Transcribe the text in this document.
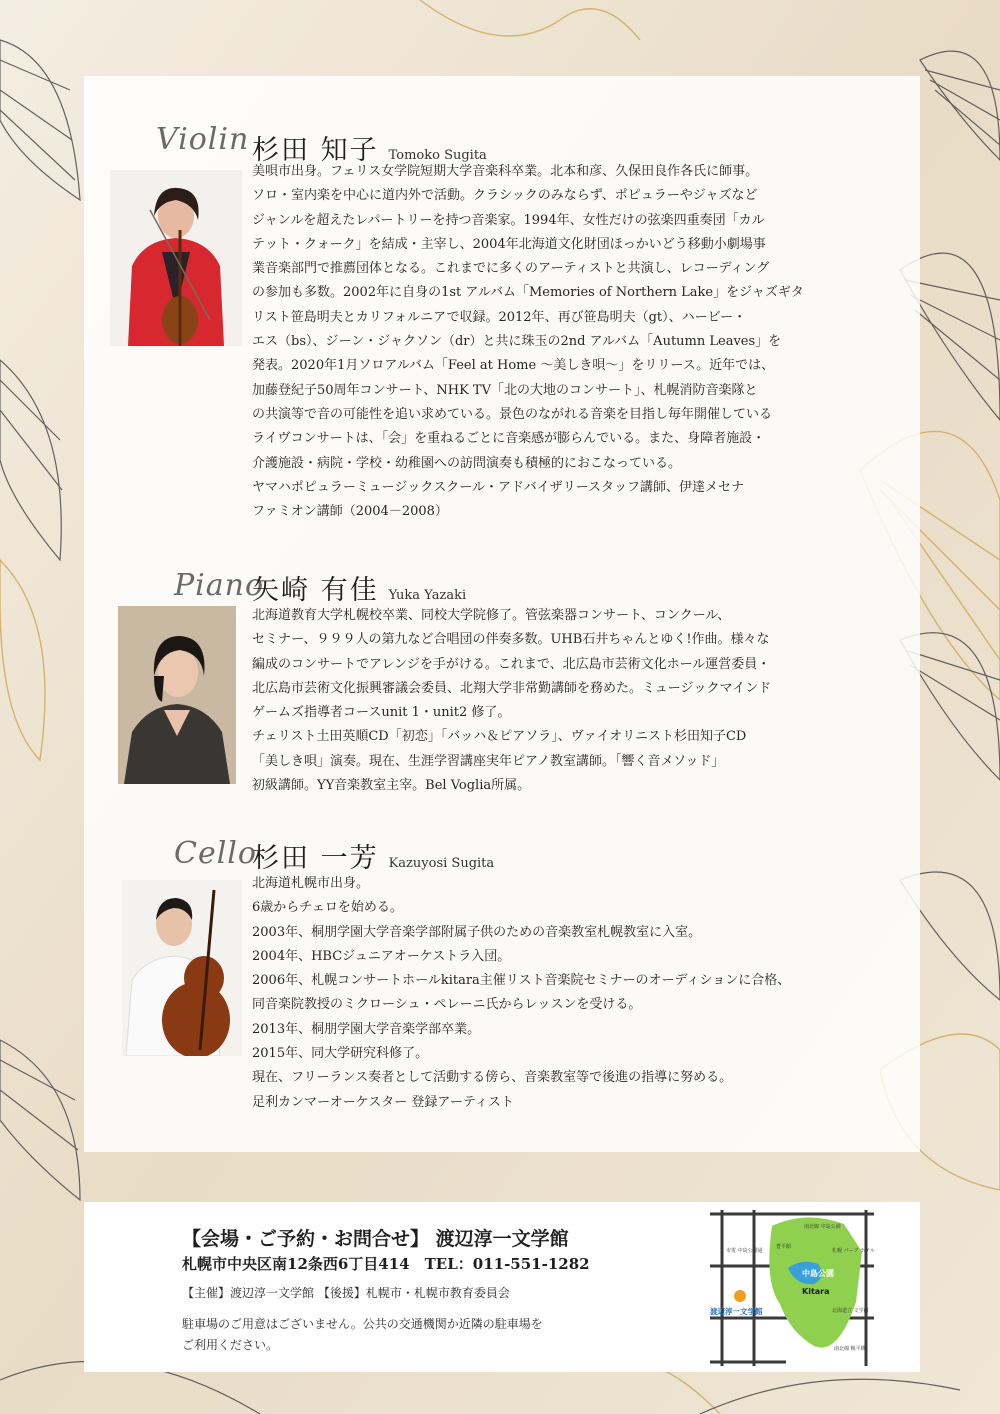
Violin 杉田 知子 Tomoko Sugita

美唄市出身。フェリス女学院短期大学音楽科卒業。北本和彦、久保田良作各氏に師事。

ソロ・室内楽を中心に道内外で活動。クラシックのみならず、ポピュラーやジャズなど

ジャンルを超えたレパートリーを持つ音楽家。1994年、女性だけの弦楽四重奏団「カル

テット・クォーク」を結成・主宰し、2004年北海道文化財団ほっかいどう移動小劇場事

業音楽部門で推薦団体となる。これまでに多くのアーティストと共演し、レコーディング

の参加も多数。2002年に自身の1st アルバム「Memories of Northern Lake」をジャズギタ

リスト笹島明夫とカリフォルニアで収録。2012年、再び笹島明夫（gt）、ハービー・

エス（bs）、ジーン・ジャクソン（dr）と共に珠玉の2nd アルバム「Autumn Leaves」を

発表。2020年1月ソロアルバム「Feel at Home 〜美しき唄〜」をリリース。近年では、

加藤登紀子50周年コンサート、NHK TV「北の大地のコンサート」、札幌消防音楽隊と

の共演等で音の可能性を追い求めている。景色のながれる音楽を目指し毎年開催している

ライヴコンサートは、「会」を重ねるごとに音楽感が膨らんでいる。また、身障者施設・

介護施設・病院・学校・幼稚園への訪問演奏も積極的におこなっている。

ヤマハポピュラーミュージックスクール・アドバイザリースタッフ講師、伊達メセナ

ファミオン講師（2004－2008）

Piano
矢崎 有佳 Yuka Yazaki

北海道教育大学札幌校卒業、同校大学院修了。管弦楽器コンサート、コンクール、

セミナー、９９９人の第九など合唱団の伴奏多数。UHB石井ちゃんとゆく!作曲。様々な

編成のコンサートでアレンジを手がける。これまで、北広島市芸術文化ホール運営委員・

北広島市芸術文化振興審議会委員、北翔大学非常勤講師を務めた。ミュージックマインド

ゲームズ指導者コースunit 1・unit2 修了。

チェリスト土田英順CD「初恋」「バッハ＆ピアソラ」、ヴァイオリニスト杉田知子CD

「美しき唄」演奏。現在、生涯学習講座実年ピアノ教室講師。「響く音メソッド」

初級講師。YY音楽教室主宰。Bel Voglia所属。

Cello
杉田 一芳 Kazuyosi Sugita

北海道札幌市出身。

6歳からチェロを始める。

2003年、桐朋学園大学音楽学部附属子供のための音楽教室札幌教室に入室。

2004年、HBCジュニアオーケストラ入団。

2006年、札幌コンサートホールkitara主催リスト音楽院セミナーのオーディションに合格、

同音楽院教授のミクローシュ・ペレーニ氏からレッスンを受ける。

2013年、桐朋学園大学音楽学部卒業。

2015年、同大学研究科修了。

現在、フリーランス奏者として活動する傍ら、音楽教室等で後進の指導に努める。

足利カンマーオーケスター 登録アーティスト

【会場・ご予約・お問合せ】 渡辺淳一文学館
札幌市中央区南12条西6丁目414　TEL：011-551-1282
【主催】渡辺淳一文学館 【後援】札幌市・札幌市教育委員会

駐車場のご用意はございません。公共の交通機関か近隣の駐車場を

ご利用ください。

中島公園
Kitara
渡辺淳一文学館
南北線 中島公園
豊平館
札幌 パーク ホテル
市電 中島公園通
北海道立 文学館
南北線 幌平橋
